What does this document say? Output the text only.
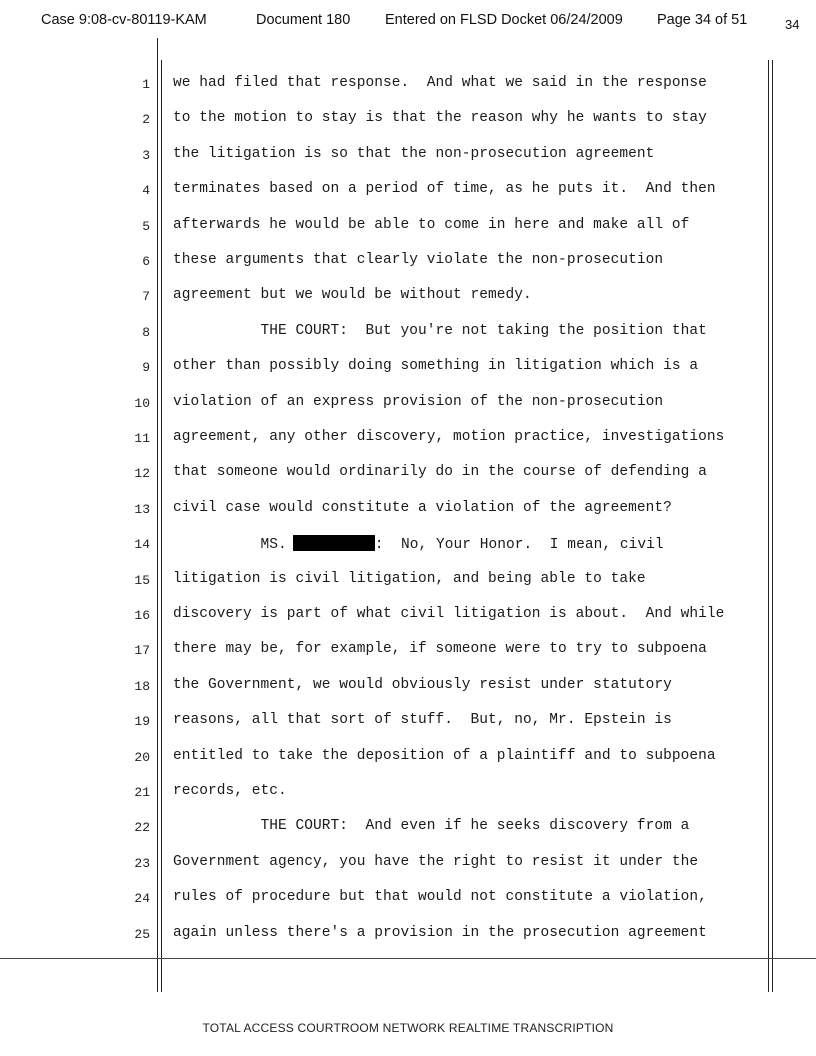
Case 9:08-cv-80119-KAM	Document 180 Entered on FLSD Docket 06/24/2009 Page 34 of 51	34
1 we had filed that response.  And what we said in the response
2 to the motion to stay is that the reason why he wants to stay
3 the litigation is so that the non-prosecution agreement
4 terminates based on a period of time, as he puts it.  And then
5 afterwards he would be able to come in here and make all of
6 these arguments that clearly violate the non-prosecution
7 agreement but we would be without remedy.
8 THE COURT:  But you're not taking the position that
9 other than possibly doing something in litigation which is a
10 violation of an express provision of the non-prosecution
11 agreement, any other discovery, motion practice, investigations
12 that someone would ordinarily do in the course of defending a
13 civil case would constitute a violation of the agreement?
14 MS.	:  No, Your Honor.  I mean, civil
15 litigation is civil litigation, and being able to take
16 discovery is part of what civil litigation is about.  And while
17 there may be, for example, if someone were to try to subpoena
18 the Government, we would obviously resist under statutory
19 reasons, all that sort of stuff.  But, no, Mr. Epstein is
20 entitled to take the deposition of a plaintiff and to subpoena
21 records, etc.
22 THE COURT:  And even if he seeks discovery from a
23 Government agency, you have the right to resist it under the
24 rules of procedure but that would not constitute a violation,
25 again unless there's a provision in the prosecution agreement
TOTAL ACCESS COURTROOM NETWORK REALTIME TRANSCRIPTION
